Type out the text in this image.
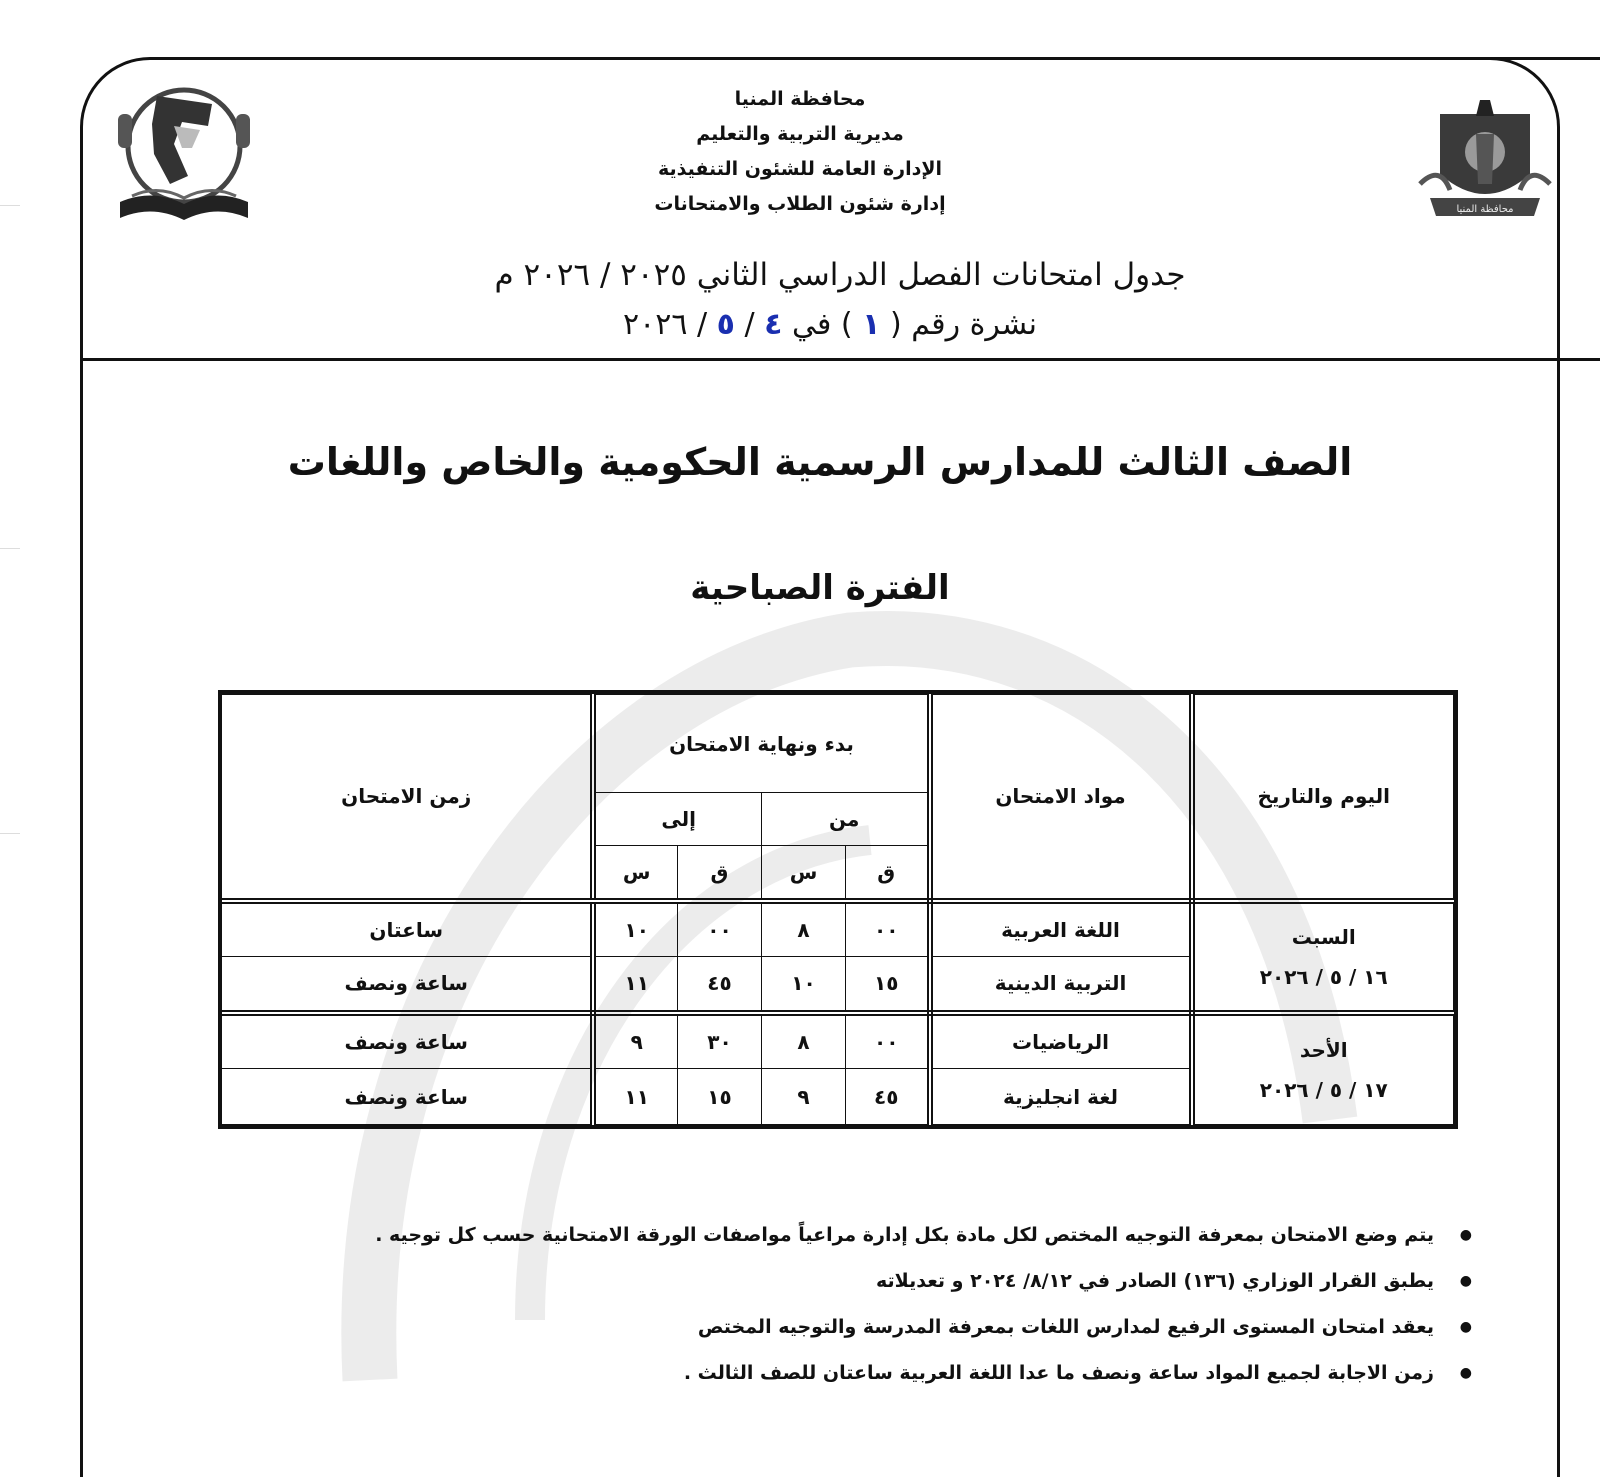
محافظة المنيا
محافظة المنيا
مديرية التربية والتعليم
الإدارة العامة للشئون التنفيذية
إدارة شئون الطلاب والامتحانات
جدول امتحانات الفصل الدراسي الثاني ٢٠٢٥ / ٢٠٢٦ م
نشرة رقم ( ١ ) في ٤ / ٥ / ٢٠٢٦
الصف الثالث للمدارس الرسمية الحكومية والخاص واللغات
الفترة الصباحية
اليوم والتاريخ	مواد الامتحان	بدء ونهاية الامتحان				زمن الامتحان
		من		إلى		
		ق	س	ق	س	

السبت
١٦ / ٥ / ٢٠٢٦	اللغة العربية	٠٠	٨	٠٠	١٠	ساعتان
	التربية الدينية	١٥	١٠	٤٥	١١	ساعة ونصف

الأحد
١٧ / ٥ / ٢٠٢٦	الرياضيات	٠٠	٨	٣٠	٩	ساعة ونصف
	لغة انجليزية	٤٥	٩	١٥	١١	ساعة ونصف
● يتم وضع الامتحان بمعرفة التوجيه المختص لكل مادة بكل إدارة مراعياً مواصفات الورقة الامتحانية حسب كل توجيه .
● يطبق القرار الوزاري (١٣٦) الصادر في ٨/١٢/ ٢٠٢٤ و تعديلاته
● يعقد امتحان المستوى الرفيع لمدارس اللغات بمعرفة المدرسة والتوجيه المختص
● زمن الاجابة لجميع المواد ساعة ونصف ما عدا اللغة العربية ساعتان للصف الثالث .
